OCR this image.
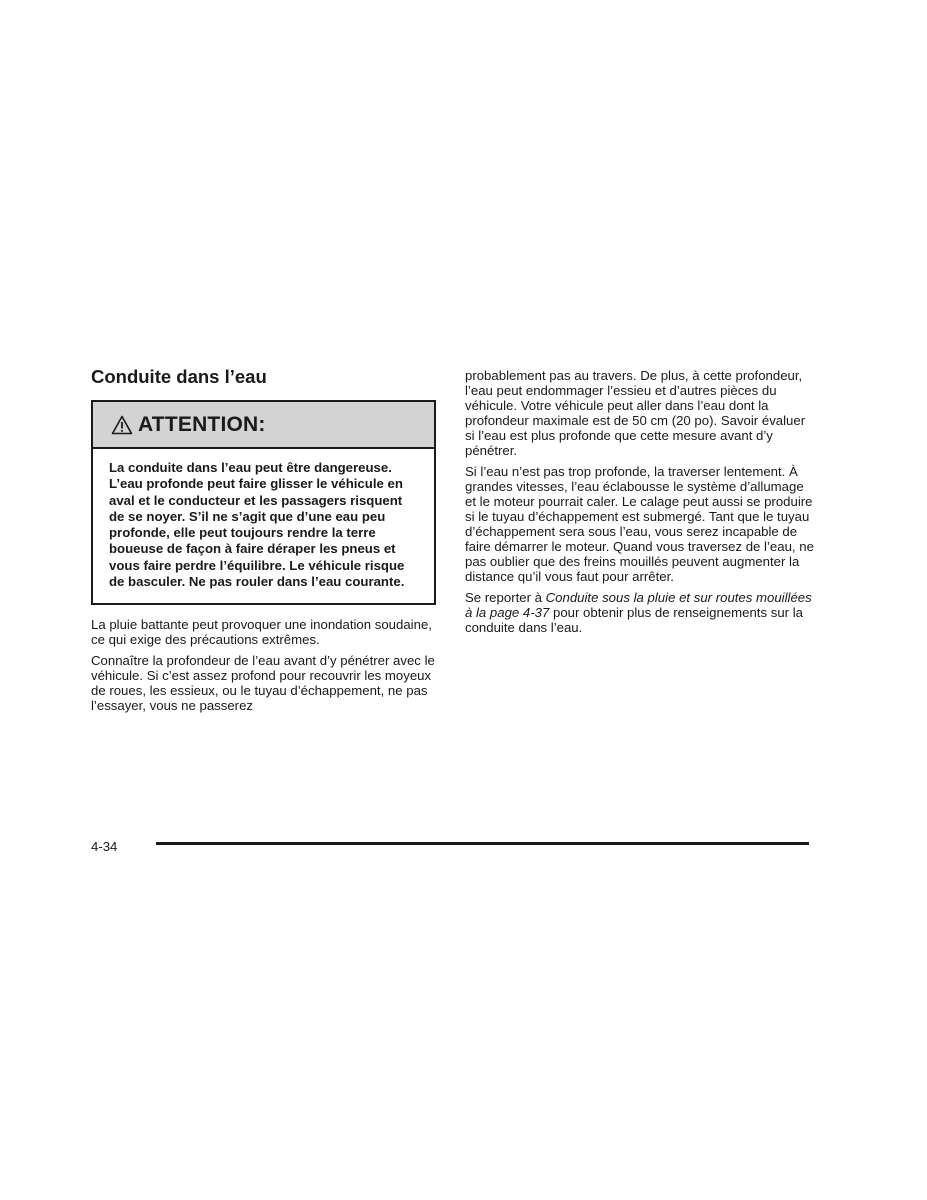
Conduite dans l’eau
ATTENTION:
La conduite dans l’eau peut être dangereuse. L’eau profonde peut faire glisser le véhicule en aval et le conducteur et les passagers risquent de se noyer. S’il ne s’agit que d’une eau peu profonde, elle peut toujours rendre la terre boueuse de façon à faire déraper les pneus et vous faire perdre l’équilibre. Le véhicule risque de basculer. Ne pas rouler dans l’eau courante.

La pluie battante peut provoquer une inondation soudaine, ce qui exige des précautions extrêmes.

Connaître la profondeur de l’eau avant d’y pénétrer avec le véhicule. Si c’est assez profond pour recouvrir les moyeux de roues, les essieux, ou le tuyau d’échappement, ne pas l’essayer, vous ne passerez

probablement pas au travers. De plus, à cette profondeur, l’eau peut endommager l’essieu et d’autres pièces du véhicule. Votre véhicule peut aller dans l’eau dont la profondeur maximale est de 50 cm (20 po). Savoir évaluer si l’eau est plus profonde que cette mesure avant d’y pénétrer.

Si l’eau n’est pas trop profonde, la traverser lentement. À grandes vitesses, l’eau éclabousse le système d’allumage et le moteur pourrait caler. Le calage peut aussi se produire si le tuyau d’échappement est submergé. Tant que le tuyau d’échappement sera sous l’eau, vous serez incapable de faire démarrer le moteur. Quand vous traversez de l’eau, ne pas oublier que des freins mouillés peuvent augmenter la distance qu’il vous faut pour arrêter.

Se reporter à Conduite sous la pluie et sur routes mouillées à la page 4-37 pour obtenir plus de renseignements sur la conduite dans l’eau.

4-34
